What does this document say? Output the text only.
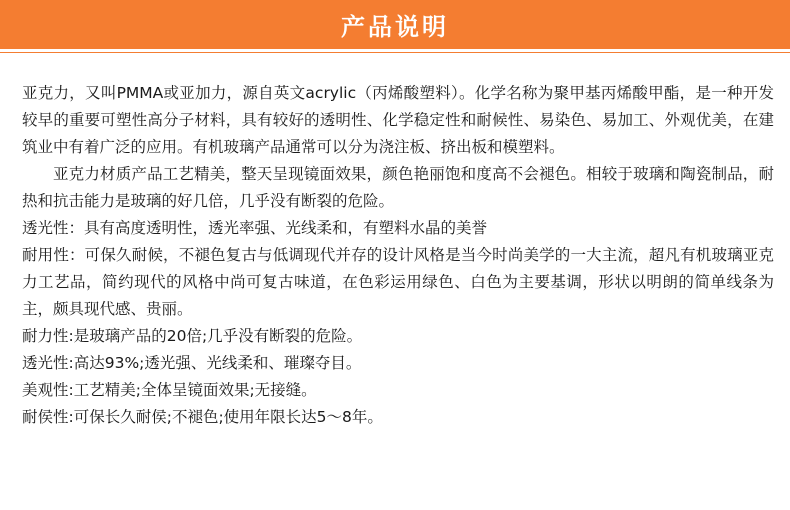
产品说明

亚克力，又叫PMMA或亚加力，源自英文acrylic（丙烯酸塑料）。化学名称为聚甲基丙烯酸甲酯，是一种开发较早的重要可塑性高分子材料，具有较好的透明性、化学稳定性和耐候性、易染色、易加工、外观优美，在建筑业中有着广泛的应用。有机玻璃产品通常可以分为浇注板、挤出板和模塑料。

亚克力材质产品工艺精美，整天呈现镜面效果，颜色艳丽饱和度高不会褪色。相较于玻璃和陶瓷制品，耐热和抗击能力是玻璃的好几倍，几乎没有断裂的危险。

透光性：具有高度透明性，透光率强、光线柔和，有塑料水晶的美誉

耐用性：可保久耐候，不褪色复古与低调现代并存的设计风格是当今时尚美学的一大主流，超凡有机玻璃亚克力工艺品，简约现代的风格中尚可复古味道，在色彩运用绿色、白色为主要基调，形状以明朗的简单线条为主，颇具现代感、贵丽。

耐力性:是玻璃产品的20倍;几乎没有断裂的危险。

透光性:高达93%;透光强、光线柔和、璀璨夺目。

美观性:工艺精美;全体呈镜面效果;无接缝。

耐侯性:可保长久耐侯;不褪色;使用年限长达5～8年。
